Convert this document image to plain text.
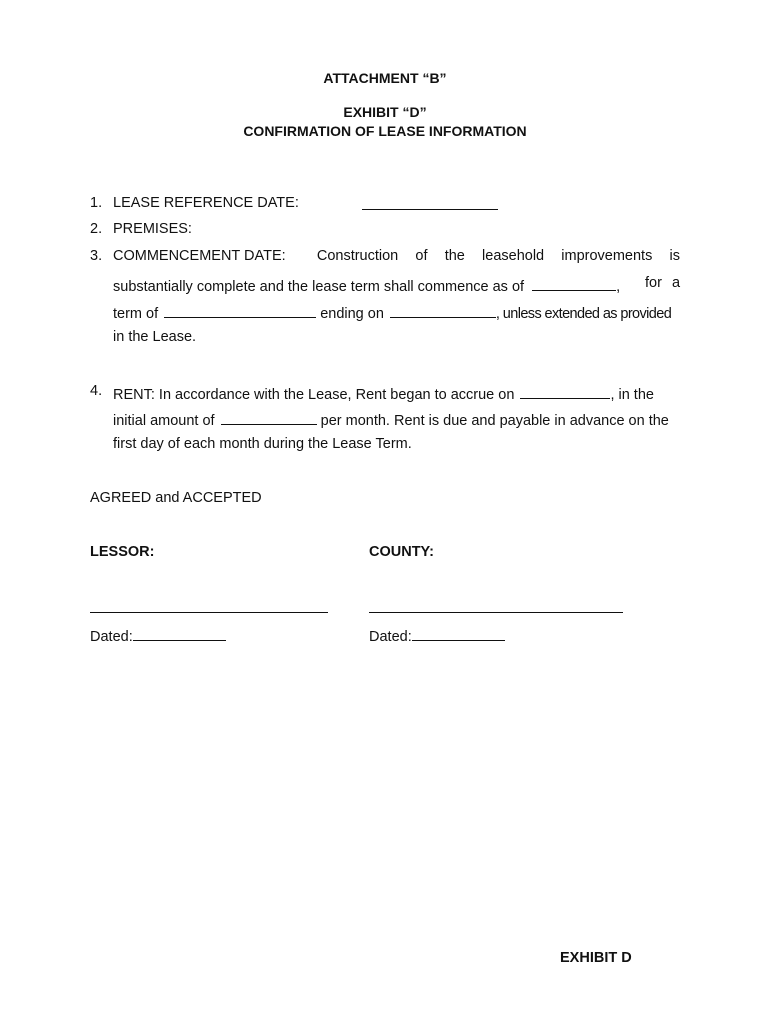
ATTACHMENT “B”
EXHIBIT “D”
CONFIRMATION OF LEASE INFORMATION
1. LEASE REFERENCE DATE:
2. PREMISES:
3. COMMENCEMENT DATE: Construction of the leasehold improvements is
substantially complete and the lease term shall commence as of	, for a
term of	ending on	, unless extended as provided
in the Lease.
4. RENT: In accordance with the Lease, Rent began to accrue on	, in the
initial amount of	per month. Rent is due and payable in advance on the
first day of each month during the Lease Term.
AGREED and ACCEPTED
LESSOR:	COUNTY:
Dated:	Dated:
EXHIBIT D
